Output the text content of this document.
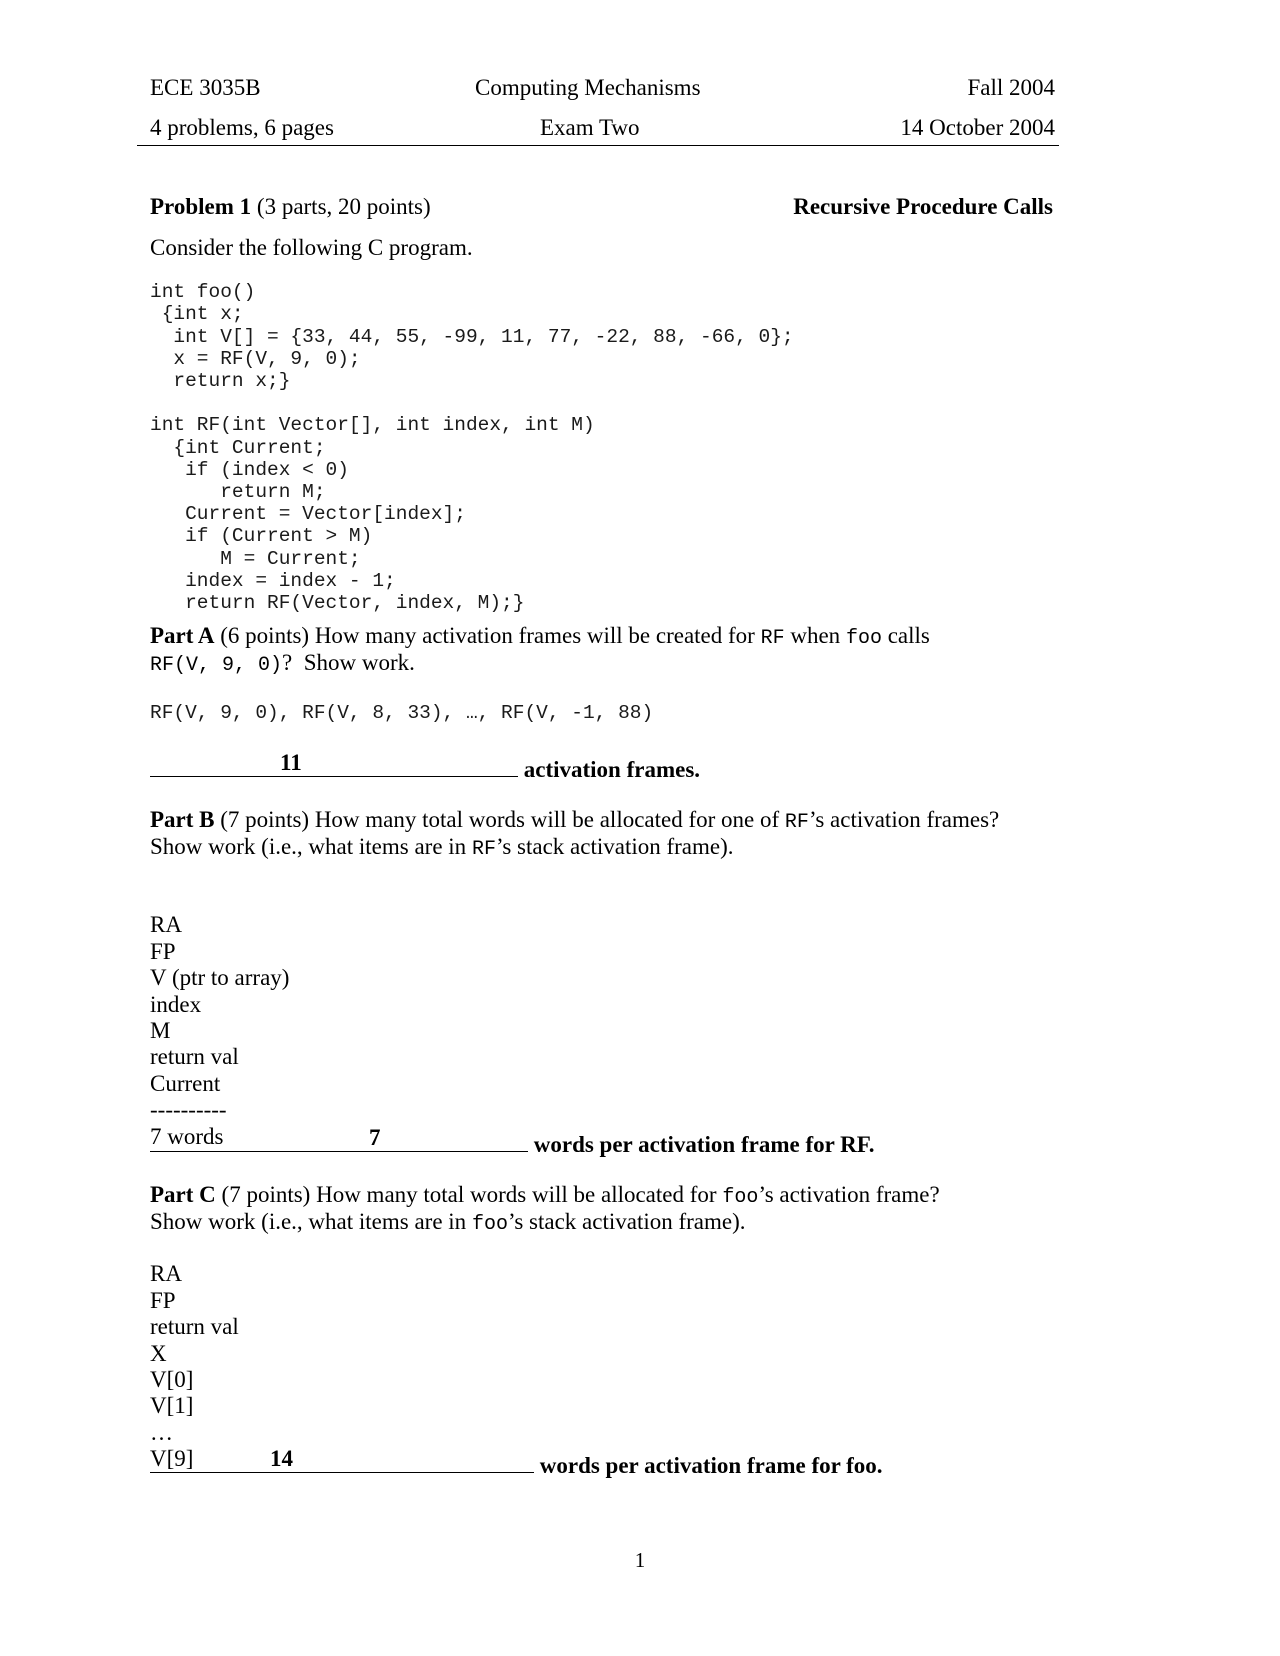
ECE 3035B	Computing Mechanisms	Fall 2004
4 problems, 6 pages	Exam Two	14 October 2004
Problem 1 (3 parts, 20 points)	Recursive Procedure Calls
Consider the following C program.

int foo()
{int x;
int V[] = {33, 44, 55, -99, 11, 77, -22, 88, -66, 0};
x = RF(V, 9, 0);
return x;}
int RF(int Vector[], int index, int M)
{int Current;
if (index < 0)
return M;
Current = Vector[index];
if (Current > M)
M = Current;
index = index - 1;
return RF(Vector, index, M);}

Part A (6 points) How many activation frames will be created for RF when foo calls
RF(V, 9, 0)?  Show work.
RF(V, 9, 0), RF(V, 8, 33), …, RF(V, -1, 88)
11	activation frames.
Part B (7 points) How many total words will be allocated for one of RF’s activation frames?
Show work (i.e., what items are in RF’s stack activation frame).

RA
FP
V (ptr to array)
index
M
return val
Current
----------
7 words	7	words per activation frame for RF.
Part C (7 points) How many total words will be allocated for foo’s activation frame?
Show work (i.e., what items are in foo’s stack activation frame).

RA
FP
return val
X
V[0]
V[1]
…
V[9]	14	words per activation frame for foo.
1
